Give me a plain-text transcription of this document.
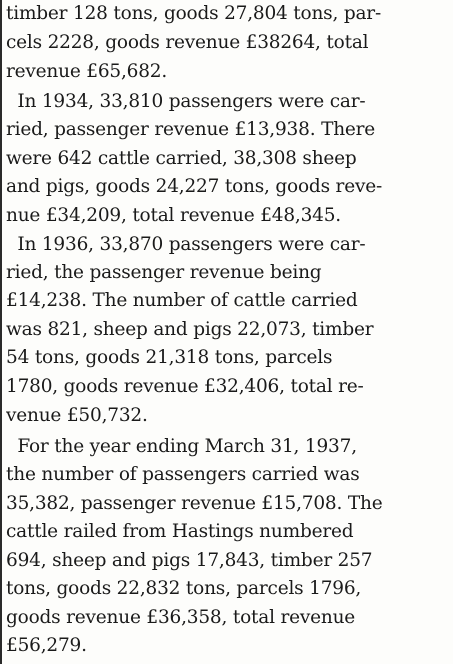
timber 128 tons, goods 27,804 tons, par-
cels 2228, goods revenue £38264, total
revenue £65,682.
In 1934, 33,810 passengers were car-
ried, passenger revenue £13,938. There
were 642 cattle carried, 38,308 sheep
and pigs, goods 24,227 tons, goods reve-
nue £34,209, total revenue £48,345.
In 1936, 33,870 passengers were car-
ried, the passenger revenue being
£14,238. The number of cattle carried
was 821, sheep and pigs 22,073, timber
54 tons, goods 21,318 tons, parcels
1780, goods revenue £32,406, total re-
venue £50,732.
For the year ending March 31, 1937,
the number of passengers carried was
35,382, passenger revenue £15,708. The
cattle railed from Hastings numbered
694, sheep and pigs 17,843, timber 257
tons, goods 22,832 tons, parcels 1796,
goods revenue £36,358, total revenue
£56,279.
